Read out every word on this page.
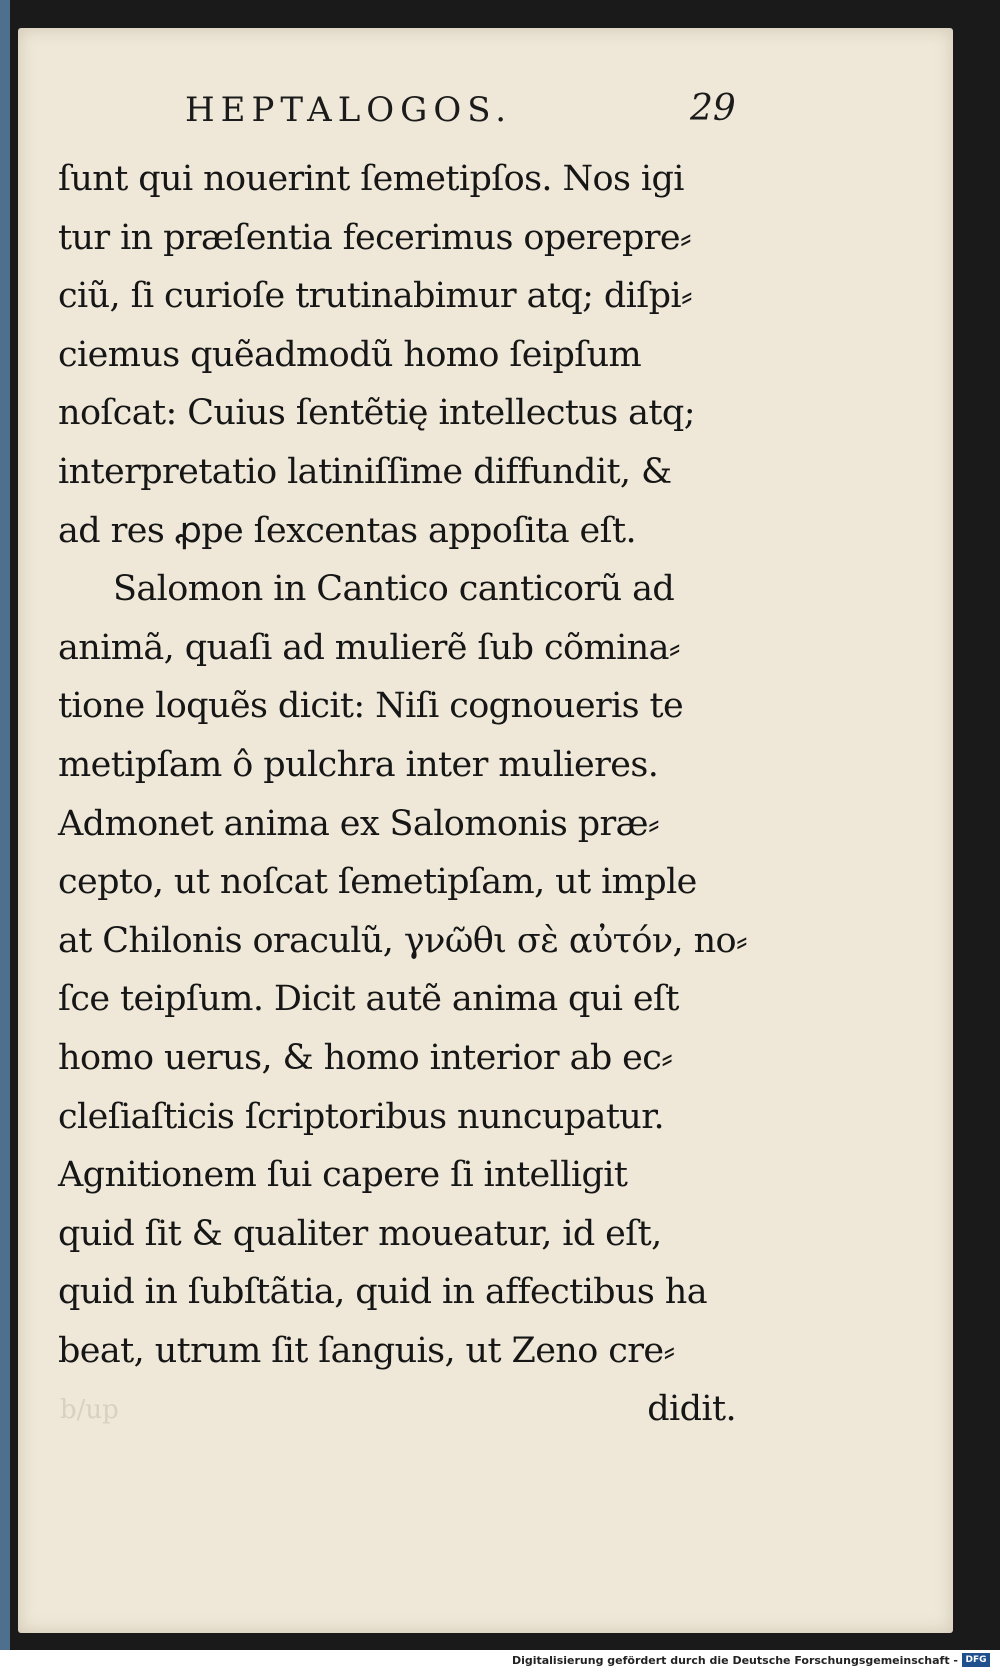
b/up
HEPTALOGOS.	29
ſunt qui nouerint ſemetipſos. Nos igi
tur in præſentia fecerimus operepre⸗
ciũ, ſi curioſe trutinabimur atq; diſpi⸗
ciemus quẽadmodũ homo ſeipſum
noſcat: Cuius ſentẽtię intellectus atq;
interpretatio latiniſſime diffundit, &
ad res ꝓpe ſexcentas appoſita eſt.
Salomon in Cantico canticorũ ad
animã, quaſi ad mulierẽ ſub cõmina⸗
tione loquẽs dicit: Niſi cognoueris te
metipſam ô pulchra inter mulieres.
Admonet anima ex Salomonis præ⸗
cepto, ut noſcat ſemetipſam, ut imple
at Chilonis oraculũ, γνῶθι σὲ αὐτόν, no⸗
ſce teipſum. Dicit autẽ anima qui eſt
homo uerus, & homo interior ab ec⸗
cleſiaſticis ſcriptoribus nuncupatur.
Agnitionem ſui capere ſi intelligit
quid ſit & qualiter moueatur, id eſt,
quid in ſubſtãtia, quid in affectibus ha
beat, utrum ſit ſanguis, ut Zeno cre⸗
didit.
Digitalisierung gefördert durch die Deutsche Forschungsgemeinschaft - DFG
